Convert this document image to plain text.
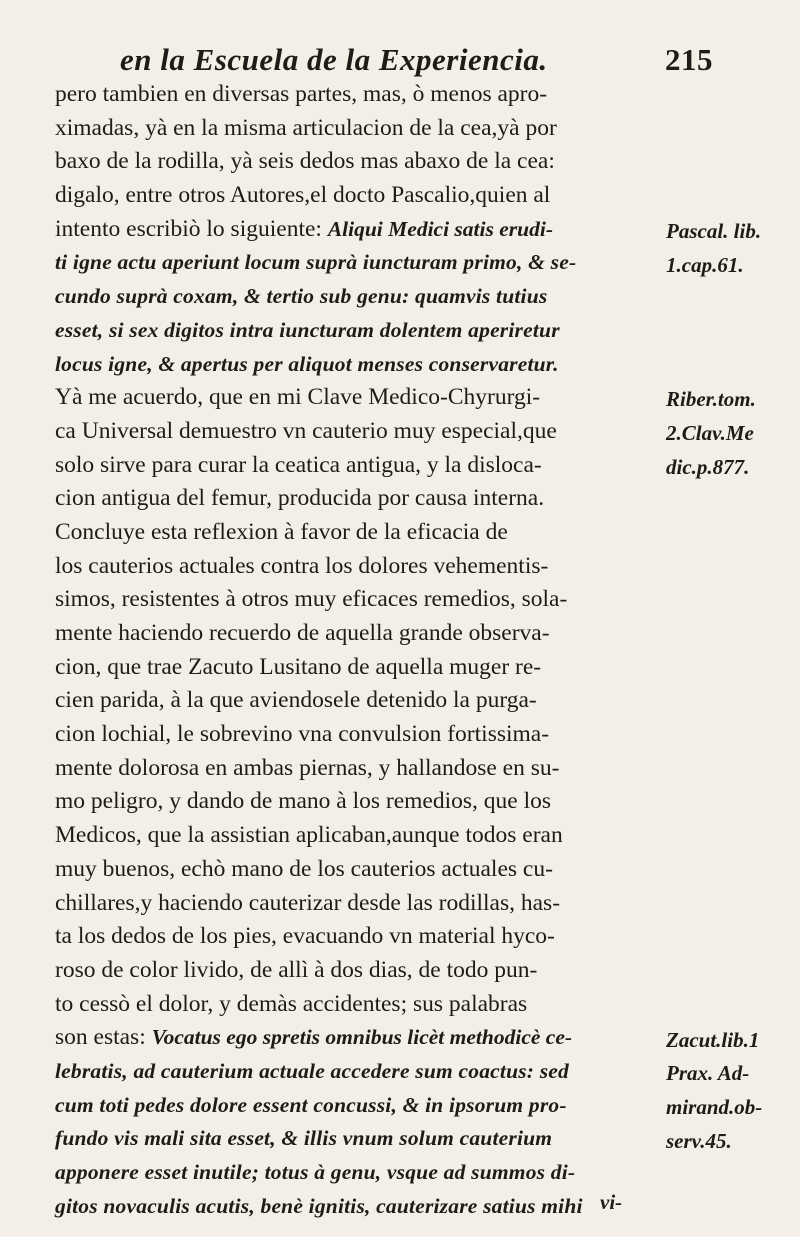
en la Escuela de la Experiencia.	215
pero tambien en diversas partes, mas, ò menos apro-
ximadas, yà en la misma articulacion de la cea,yà por
baxo de la rodilla, yà seis dedos mas abaxo de la cea:
digalo, entre otros Autores,el docto Pascalio,quien al
intento escribiò lo siguiente: Aliqui Medici satis erudi-
ti igne actu aperiunt locum suprà iuncturam primo, & se-
cundo suprà coxam, & tertio sub genu: quamvis tutius
esset, si sex digitos intra iuncturam dolentem aperiretur
locus igne, & apertus per aliquot menses conservaretur.
Yà me acuerdo, que en mi Clave Medico-Chyrurgi-
ca Universal demuestro vn cauterio muy especial,que
solo sirve para curar la ceatica antigua, y la disloca-
cion antigua del femur, producida por causa interna.
Concluye esta reflexion à favor de la eficacia de
los cauterios actuales contra los dolores vehementis-
simos, resistentes à otros muy eficaces remedios, sola-
mente haciendo recuerdo de aquella grande observa-
cion, que trae Zacuto Lusitano de aquella muger re-
cien parida, à la que aviendosele detenido la purga-
cion lochial, le sobrevino vna convulsion fortissima-
mente dolorosa en ambas piernas, y hallandose en su-
mo peligro, y dando de mano à los remedios, que los
Medicos, que la assistian aplicaban,aunque todos eran
muy buenos, echò mano de los cauterios actuales cu-
chillares,y haciendo cauterizar desde las rodillas, has-
ta los dedos de los pies, evacuando vn material hyco-
roso de color livido, de allì à dos dias, de todo pun-
to cessò el dolor, y demàs accidentes; sus palabras
son estas: Vocatus ego spretis omnibus licèt methodicè ce-
lebratis, ad cauterium actuale accedere sum coactus: sed
cum toti pedes dolore essent concussi, & in ipsorum pro-
fundo vis mali sita esset, & illis vnum solum cauterium
apponere esset inutile; totus à genu, vsque ad summos di-
gitos novaculis acutis, benè ignitis, cauterizare satius mihi
Pascal. lib.
1.cap.61.
Riber.tom.
2.Clav.Me
dic.p.877.
Zacut.lib.1
Prax. Ad-
mirand.ob-
serv.45.
vi-
